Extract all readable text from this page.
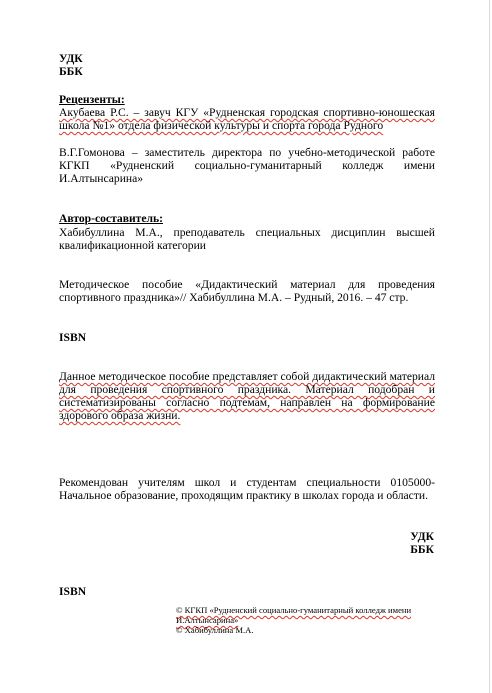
УДК
ББК
Рецензенты:

Акубаева Р.С. – завуч КГУ «Рудненская городская спортивно-юношеская школа №1» отдела физической культуры и спорта города Рудного

В.Г.Гомонова – заместитель директора по учебно-методической работе КГКП «Рудненский социально-гуманитарный колледж имени И.Алтынсарина»

Автор-составитель:

Хабибуллина М.А., преподаватель специальных дисциплин высшей квалификационной категории

Методическое пособие «Дидактический материал для проведения спортивного праздника»// Хабибуллина М.А. – Рудный, 2016. – 47 стр.

ISBN

Данное методическое пособие представляет собой дидактический материал для проведения спортивного праздника. Материал подобран и систематизированы согласно подтемам, направлен на формирование здорового образа жизни.

Рекомендован учителям школ и студентам специальности 0105000- Начальное образование, проходящим практику в школах города и области.

УДК
ББК
ISBN
© КГКП «Рудненский социально-гуманитарный колледж имени И.Алтынсарина»
© Хабибуллина М.А.
